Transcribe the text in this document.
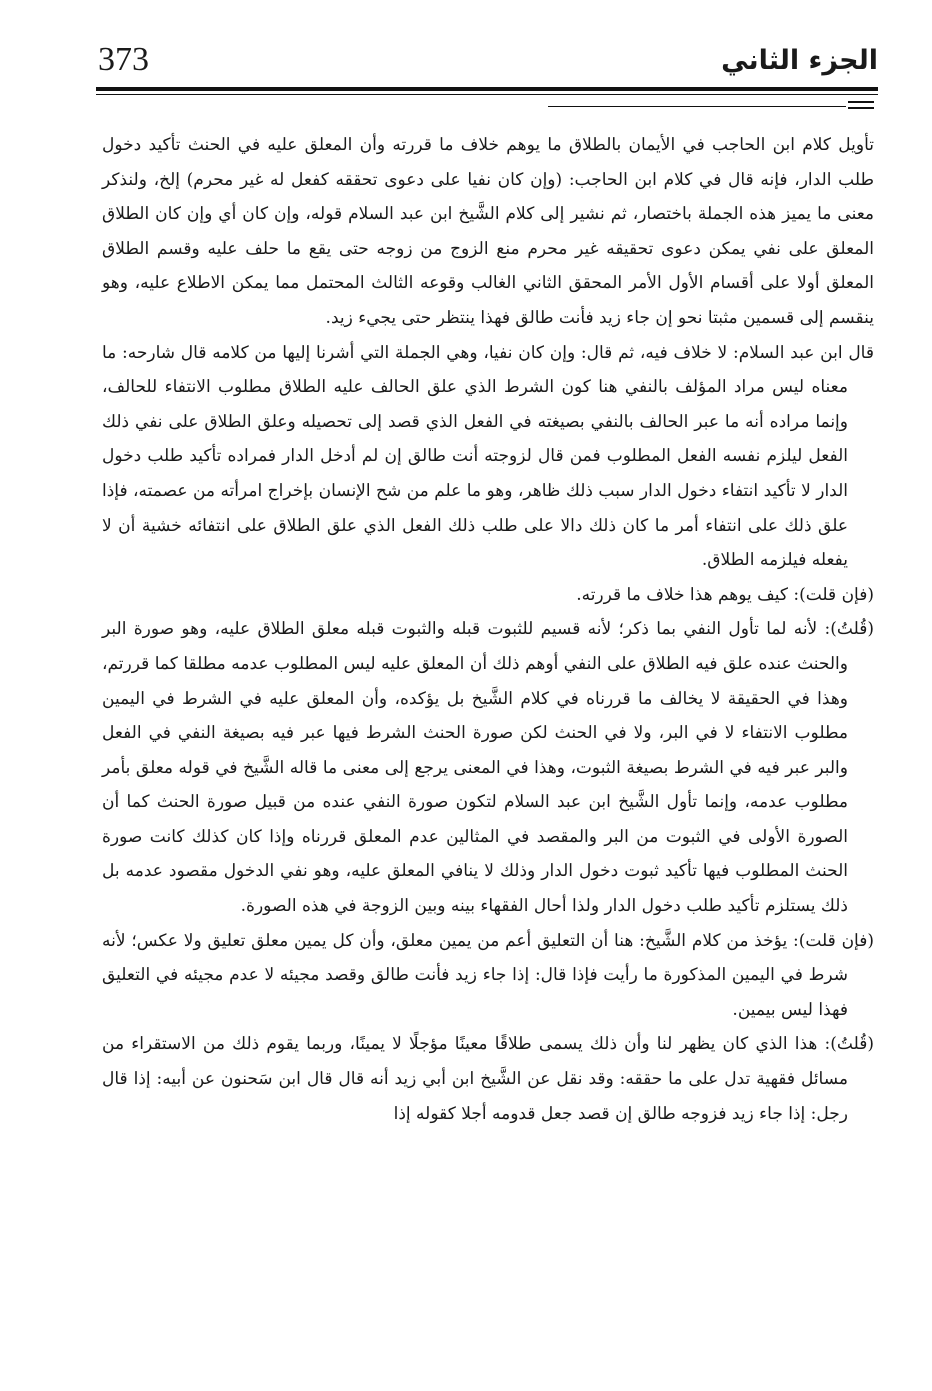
373	الجزء الثاني

تأويل كلام ابن الحاجب في الأيمان بالطلاق ما يوهم خلاف ما قررته وأن المعلق عليه في الحنث تأكيد دخول طلب الدار، فإنه قال في كلام ابن الحاجب: (وإن كان نفيا على دعوى تحققه كفعل له غير محرم) إلخ، ولنذكر معنى ما يميز هذه الجملة باختصار، ثم نشير إلى كلام الشَّيخ ابن عبد السلام قوله، وإن كان أي وإن كان الطلاق المعلق على نفي يمكن دعوى تحقيقه غير محرم منع الزوج من زوجه حتى يقع ما حلف عليه وقسم الطلاق المعلق أولا على أقسام الأول الأمر المحقق الثاني الغالب وقوعه الثالث المحتمل مما يمكن الاطلاع عليه، وهو ينقسم إلى قسمين مثبتا نحو إن جاء زيد فأنت طالق فهذا ينتظر حتى يجيء زيد.

قال ابن عبد السلام: لا خلاف فيه، ثم قال: وإن كان نفيا، وهي الجملة التي أشرنا إليها من كلامه قال شارحه: ما معناه ليس مراد المؤلف بالنفي هنا كون الشرط الذي علق الحالف عليه الطلاق مطلوب الانتفاء للحالف، وإنما مراده أنه ما عبر الحالف بالنفي بصيغته في الفعل الذي قصد إلى تحصيله وعلق الطلاق على نفي ذلك الفعل ليلزم نفسه الفعل المطلوب فمن قال لزوجته أنت طالق إن لم أدخل الدار فمراده تأكيد طلب دخول الدار لا تأكيد انتفاء دخول الدار سبب ذلك ظاهر، وهو ما علم من شح الإنسان بإخراج امرأته من عصمته، فإذا علق ذلك على انتفاء أمر ما كان ذلك دالا على طلب ذلك الفعل الذي علق الطلاق على انتفائه خشية أن لا يفعله فيلزمه الطلاق.

(فإن قلت): كيف يوهم هذا خلاف ما قررته.

(قُلتُ): لأنه لما تأول النفي بما ذكر؛ لأنه قسيم للثبوت قبله والثبوت قبله معلق الطلاق عليه، وهو صورة البر والحنث عنده علق فيه الطلاق على النفي أوهم ذلك أن المعلق عليه ليس المطلوب عدمه مطلقا كما قررتم، وهذا في الحقيقة لا يخالف ما قررناه في كلام الشَّيخ بل يؤكده، وأن المعلق عليه في الشرط في اليمين مطلوب الانتفاء لا في البر، ولا في الحنث لكن صورة الحنث الشرط فيها عبر فيه بصيغة النفي في الفعل والبر عبر فيه في الشرط بصيغة الثبوت، وهذا في المعنى يرجع إلى معنى ما قاله الشَّيخ في قوله معلق بأمر مطلوب عدمه، وإنما تأول الشَّيخ ابن عبد السلام لتكون صورة النفي عنده من قبيل صورة الحنث كما أن الصورة الأولى في الثبوت من البر والمقصد في المثالين عدم المعلق قررناه وإذا كان كذلك كانت صورة الحنث المطلوب فيها تأكيد ثبوت دخول الدار وذلك لا ينافي المعلق عليه، وهو نفي الدخول مقصود عدمه بل ذلك يستلزم تأكيد طلب دخول الدار ولذا أحال الفقهاء بينه وبين الزوجة في هذه الصورة.

(فإن قلت): يؤخذ من كلام الشَّيخ: هنا أن التعليق أعم من يمين معلق، وأن كل يمين معلق تعليق ولا عكس؛ لأنه شرط في اليمين المذكورة ما رأيت فإذا قال: إذا جاء زيد فأنت طالق وقصد مجيئه لا عدم مجيئه في التعليق فهذا ليس بيمين.

(قُلتُ): هذا الذي كان يظهر لنا وأن ذلك يسمى طلاقًا معينًا مؤجلًا لا يمينًا، وربما يقوم ذلك من الاستقراء من مسائل فقهية تدل على ما حققه: وقد نقل عن الشَّيخ ابن أبي زيد أنه قال قال ابن سَحنون عن أبيه: إذا قال رجل: إذا جاء زيد فزوجه طالق إن قصد جعل قدومه أجلا كقوله إذا
